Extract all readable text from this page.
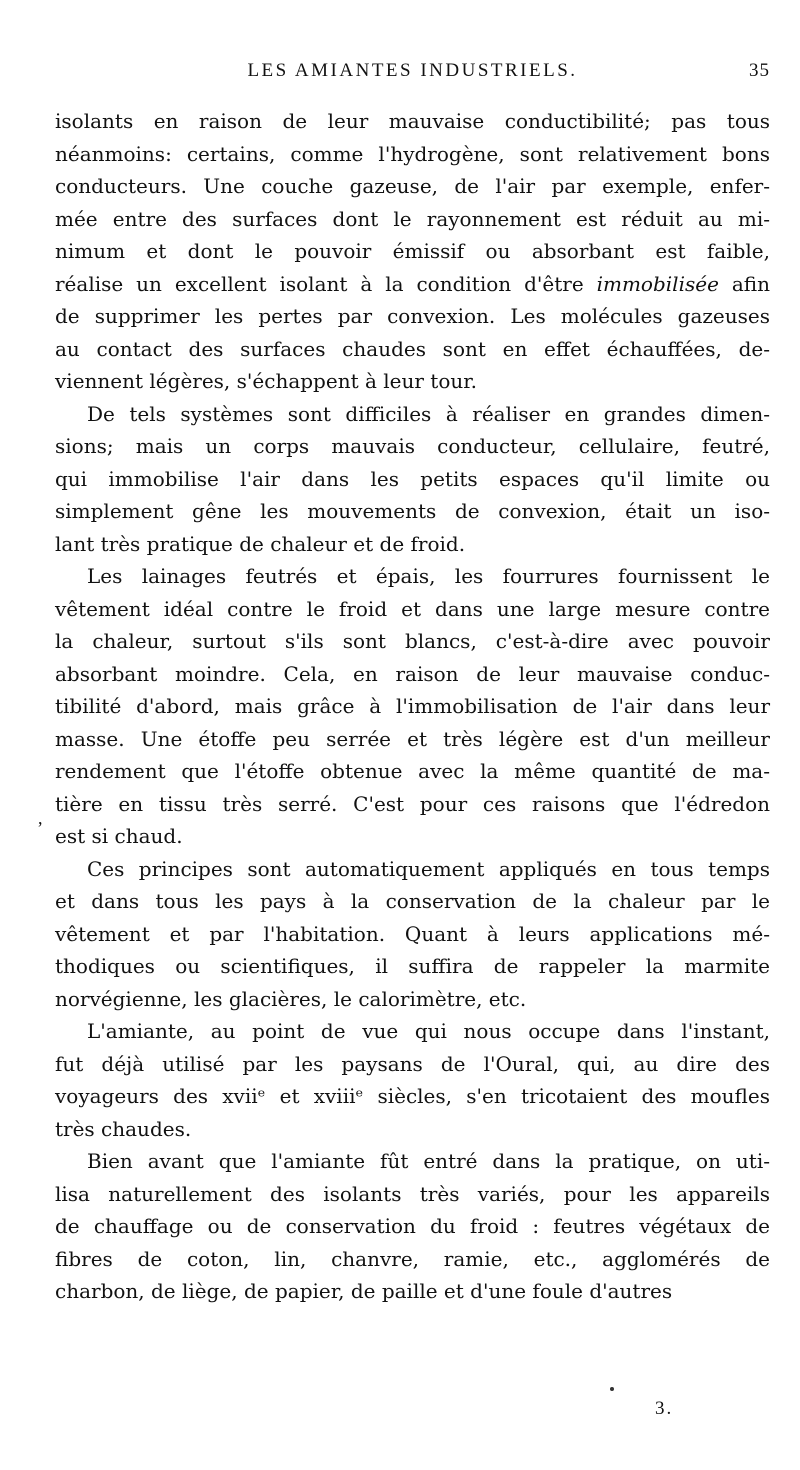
LES AMIANTES INDUSTRIELS.	35
,

isolants en raison de leur mauvaise conductibilité; pas tous
néanmoins: certains, comme l'hydrogène, sont relativement bons
conducteurs. Une couche gazeuse, de l'air par exemple, enfer-
mée entre des surfaces dont le rayonnement est réduit au mi-
nimum et dont le pouvoir émissif ou absorbant est faible,
réalise un excellent isolant à la condition d'être immobilisée afin
de supprimer les pertes par convexion. Les molécules gazeuses
au contact des surfaces chaudes sont en effet échauffées, de-
viennent légères, s'échappent à leur tour.

De tels systèmes sont difficiles à réaliser en grandes dimen-
sions; mais un corps mauvais conducteur, cellulaire, feutré,
qui immobilise l'air dans les petits espaces qu'il limite ou
simplement gêne les mouvements de convexion, était un iso-
lant très pratique de chaleur et de froid.

Les lainages feutrés et épais, les fourrures fournissent le
vêtement idéal contre le froid et dans une large mesure contre
la chaleur, surtout s'ils sont blancs, c'est-à-dire avec pouvoir
absorbant moindre. Cela, en raison de leur mauvaise conduc-
tibilité d'abord, mais grâce à l'immobilisation de l'air dans leur
masse. Une étoffe peu serrée et très légère est d'un meilleur
rendement que l'étoffe obtenue avec la même quantité de ma-
tière en tissu très serré. C'est pour ces raisons que l'édredon
est si chaud.

Ces principes sont automatiquement appliqués en tous temps
et dans tous les pays à la conservation de la chaleur par le
vêtement et par l'habitation. Quant à leurs applications mé-
thodiques ou scientifiques, il suffira de rappeler la marmite
norvégienne, les glacières, le calorimètre, etc.

L'amiante, au point de vue qui nous occupe dans l'instant,
fut déjà utilisé par les paysans de l'Oural, qui, au dire des
voyageurs des xviiᵉ et xviiiᵉ siècles, s'en tricotaient des moufles
très chaudes.

Bien avant que l'amiante fût entré dans la pratique, on uti-
lisa naturellement des isolants très variés, pour les appareils
de chauffage ou de conservation du froid : feutres végétaux de
fibres de coton, lin, chanvre, ramie, etc., agglomérés de
charbon, de liège, de papier, de paille et d'une foule d'autres

3.
